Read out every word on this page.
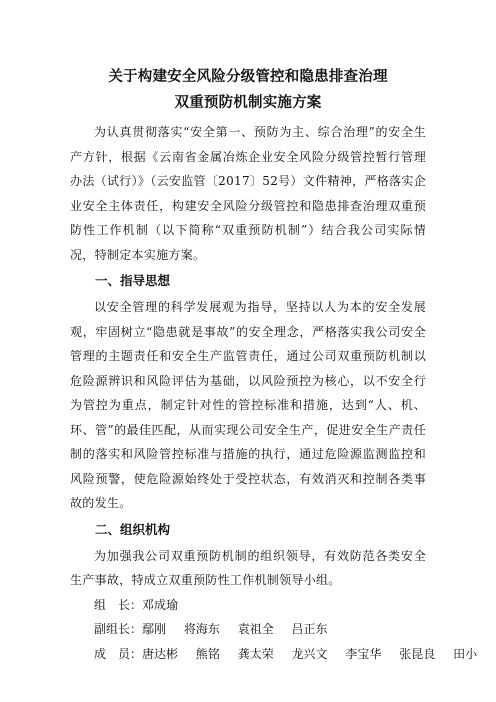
关于构建安全风险分级管控和隐患排查治理
双重预防机制实施方案

为认真贯彻落实“安全第一、预防为主、综合治理”的安全生产方针，根据《云南省金属冶炼企业安全风险分级管控暂行管理办法（试行）》（云安监管〔2017〕52号）文件精神，严格落实企业安全主体责任，构建安全风险分级管控和隐患排查治理双重预防性工作机制（以下简称“双重预防机制”）结合我公司实际情况，特制定本实施方案。

一、指导思想

以安全管理的科学发展观为指导，坚持以人为本的安全发展观，牢固树立“隐患就是事故”的安全理念，严格落实我公司安全管理的主题责任和安全生产监管责任，通过公司双重预防机制以危险源辨识和风险评估为基础，以风险预控为核心，以不安全行为管控为重点，制定针对性的管控标准和措施，达到“人、机、环、管”的最佳匹配，从而实现公司安全生产，促进安全生产责任制的落实和风险管控标准与措施的执行，通过危险源监测监控和风险预警，使危险源始终处于受控状态，有效消灭和控制各类事故的发生。

二、组织机构

为加强我公司双重预防机制的组织领导，有效防范各类安全生产事故，特成立双重预防性工作机制领导小组。

组　长：邓成瑜

副组长：鄢刚 将海东 袁祖全 吕正东

成　员：唐达彬 熊铭 龚太荣 龙兴文 李宝华 张昆良 田小
